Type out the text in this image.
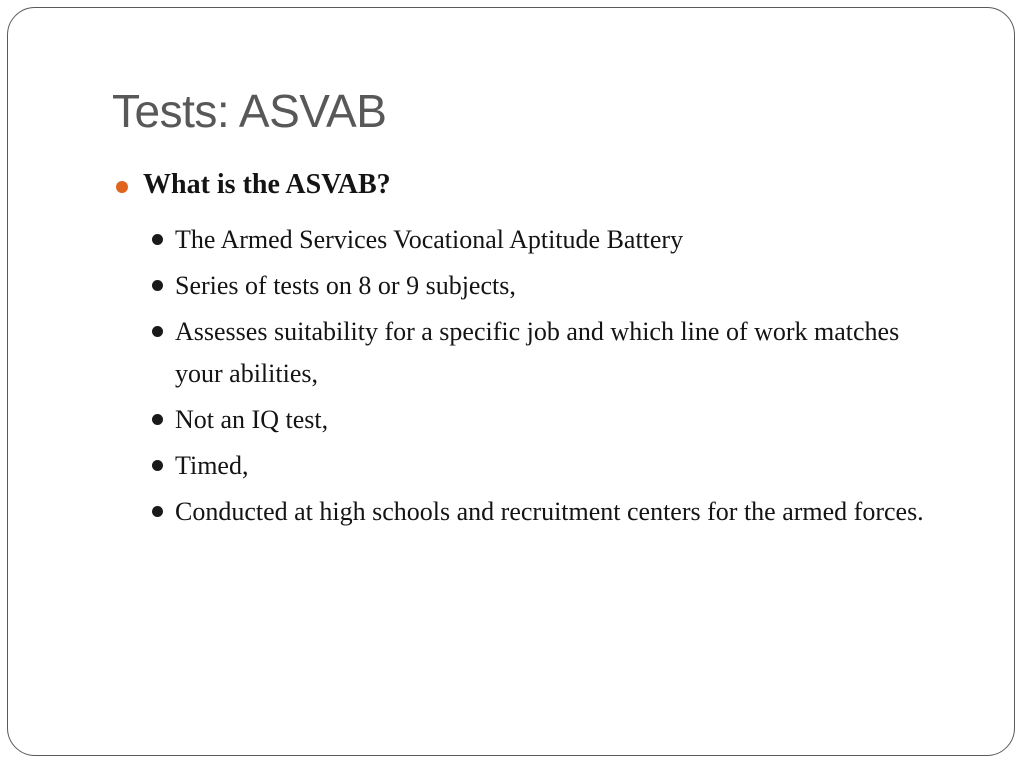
Tests: ASVAB

What is the ASVAB?

The Armed Services Vocational Aptitude Battery
Series of tests on 8 or 9 subjects,
Assesses suitability for a specific job and which line of work matches your abilities,
Not an IQ test,
Timed,
Conducted at high schools and recruitment centers for the armed forces.
